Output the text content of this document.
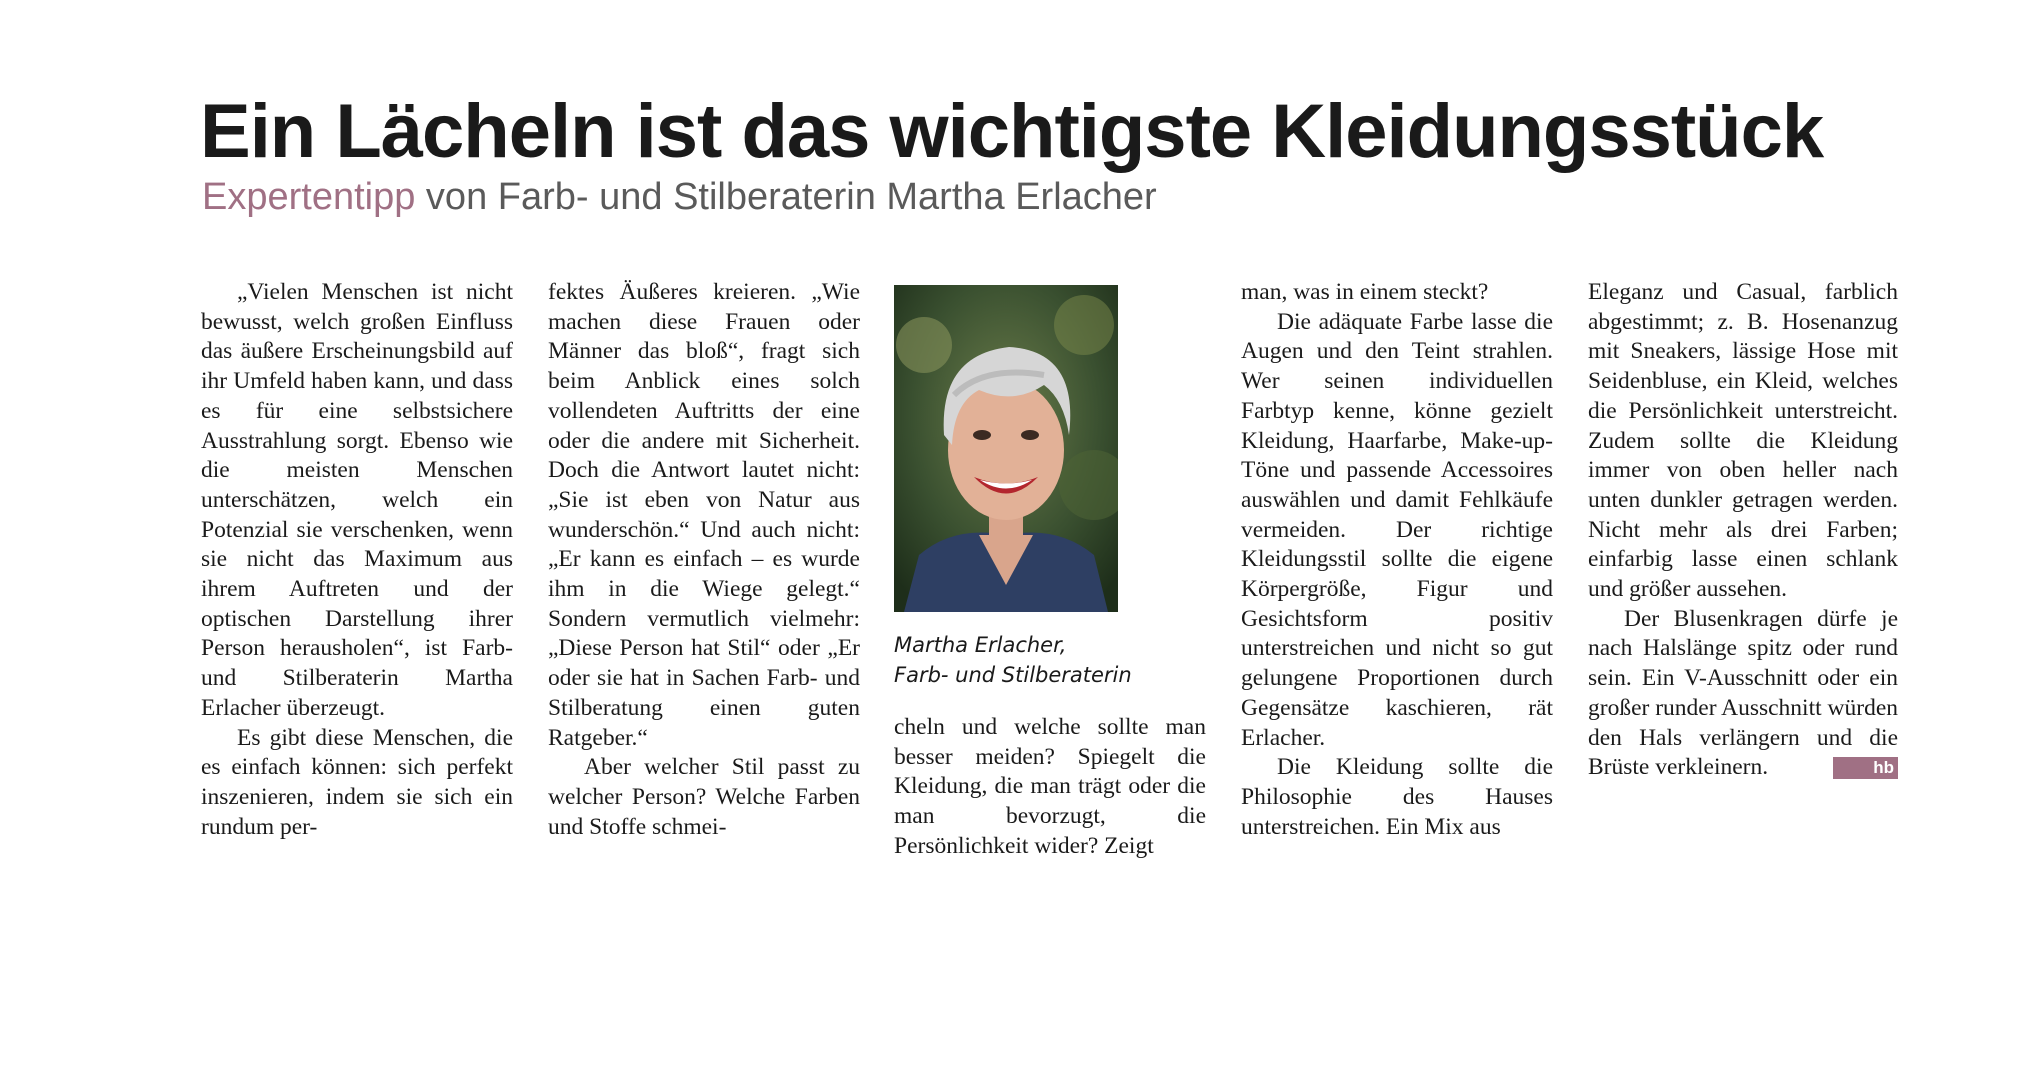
Ein Lächeln ist das wichtigste Kleidungsstück
Expertentipp von Farb- und Stilberaterin Martha Erlacher

„Vielen Menschen ist nicht bewusst, welch großen Einfluss das äußere Erscheinungsbild auf ihr Umfeld haben kann, und dass es für eine selbstsichere Ausstrahlung sorgt. Ebenso wie die meisten Menschen unterschätzen, welch ein Potenzial sie verschenken, wenn sie nicht das Maximum aus ihrem Auftreten und der optischen Darstellung ihrer Person herausholen“, ist Farb- und Stilberaterin Martha Erlacher überzeugt.

Es gibt diese Menschen, die es einfach können: sich perfekt inszenieren, indem sie sich ein rundum per-

fektes Äußeres kreieren. „Wie machen diese Frauen oder Männer das bloß“, fragt sich beim Anblick eines solch vollendeten Auftritts der eine oder die andere mit Sicherheit. Doch die Antwort lautet nicht: „Sie ist eben von Natur aus wunderschön.“ Und auch nicht: „Er kann es einfach – es wurde ihm in die Wiege gelegt.“ Sondern vermutlich vielmehr: „Diese Person hat Stil“ oder „Er oder sie hat in Sachen Farb- und Stilberatung einen guten Ratgeber.“

Aber welcher Stil passt zu welcher Person? Welche Farben und Stoffe schmei-

Martha Erlacher,
Farb- und Stilberaterin

cheln und welche sollte man besser meiden? Spiegelt die Kleidung, die man trägt oder die man bevorzugt, die Persönlichkeit wider? Zeigt

man, was in einem steckt?

Die adäquate Farbe lasse die Augen und den Teint strahlen. Wer seinen individuellen Farbtyp kenne, könne gezielt Kleidung, Haarfarbe, Make-up-Töne und passende Accessoires auswählen und damit Fehlkäufe vermeiden. Der richtige Kleidungsstil sollte die eigene Körpergröße, Figur und Gesichtsform positiv unterstreichen und nicht so gut gelungene Proportionen durch Gegensätze kaschieren, rät Erlacher.

Die Kleidung sollte die Philosophie des Hauses unterstreichen. Ein Mix aus

Eleganz und Casual, farblich abgestimmt; z. B. Hosenanzug mit Sneakers, lässige Hose mit Seidenbluse, ein Kleid, welches die Persönlichkeit unterstreicht. Zudem sollte die Kleidung immer von oben heller nach unten dunkler getragen werden. Nicht mehr als drei Farben; einfarbig lasse einen schlank und größer aussehen.

Der Blusenkragen dürfe je nach Halslänge spitz oder rund sein. Ein V-Ausschnitt oder ein großer runder Ausschnitt würden den Hals verlängern und die Brüste verkleinern.	hb
